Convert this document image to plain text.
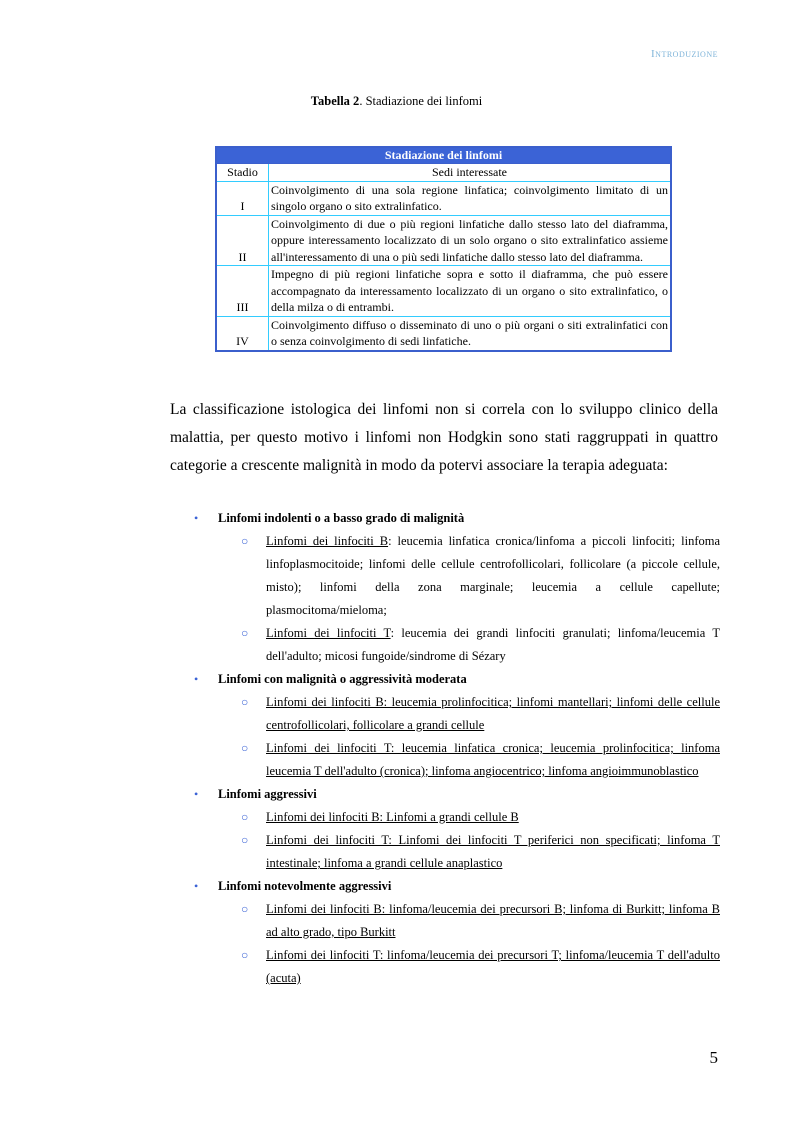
Introduzione
Tabella 2. Stadiazione dei linfomi
Stadiazione dei linfomi	
Stadio	Sedi interessate
I	Coinvolgimento di una sola regione linfatica; coinvolgimento limitato di un singolo organo o sito extralinfatico.
II	Coinvolgimento di due o più regioni linfatiche dallo stesso lato del diaframma, oppure interessamento localizzato di un solo organo o sito extralinfatico assieme all'interessamento di una o più sedi linfatiche dallo stesso lato del diaframma.
III	Impegno di più regioni linfatiche sopra e sotto il diaframma, che può essere accompagnato da interessamento localizzato di un organo o sito extralinfatico, o della milza o di entrambi.
IV	Coinvolgimento diffuso o disseminato di uno o più organi o siti extralinfatici con o senza coinvolgimento di sedi linfatiche.
La classificazione istologica dei linfomi non si correla con lo sviluppo clinico della malattia, per questo motivo i linfomi non Hodgkin sono stati raggruppati in quattro categorie a crescente malignità in modo da potervi associare la terapia adeguata:

• Linfomi indolenti o a basso grado di malignità

○ Linfomi dei linfociti B: leucemia linfatica cronica/linfoma a piccoli linfociti; linfoma linfoplasmocitoide; linfomi delle cellule centrofollicolari, follicolare (a piccole cellule, misto); linfomi della zona marginale; leucemia a cellule capellute; plasmocitoma/mieloma;

○ Linfomi dei linfociti T: leucemia dei grandi linfociti granulati; linfoma/leucemia T dell'adulto; micosi fungoide/sindrome di Sézary

• Linfomi con malignità o aggressività moderata

○ Linfomi dei linfociti B: leucemia prolinfocitica; linfomi mantellari; linfomi delle cellule centrofollicolari, follicolare a grandi cellule

○ Linfomi dei linfociti T: leucemia linfatica cronica; leucemia prolinfocitica; linfoma leucemia T dell'adulto (cronica); linfoma angiocentrico; linfoma angioimmunoblastico

• Linfomi aggressivi

○ Linfomi dei linfociti B: Linfomi a grandi cellule B

○ Linfomi dei linfociti T: Linfomi dei linfociti T periferici non specificati; linfoma T intestinale; linfoma a grandi cellule anaplastico

• Linfomi notevolmente aggressivi

○ Linfomi dei linfociti B: linfoma/leucemia dei precursori B; linfoma di Burkitt; linfoma B ad alto grado, tipo Burkitt

○ Linfomi dei linfociti T: linfoma/leucemia dei precursori T; linfoma/leucemia T dell'adulto (acuta)

5
